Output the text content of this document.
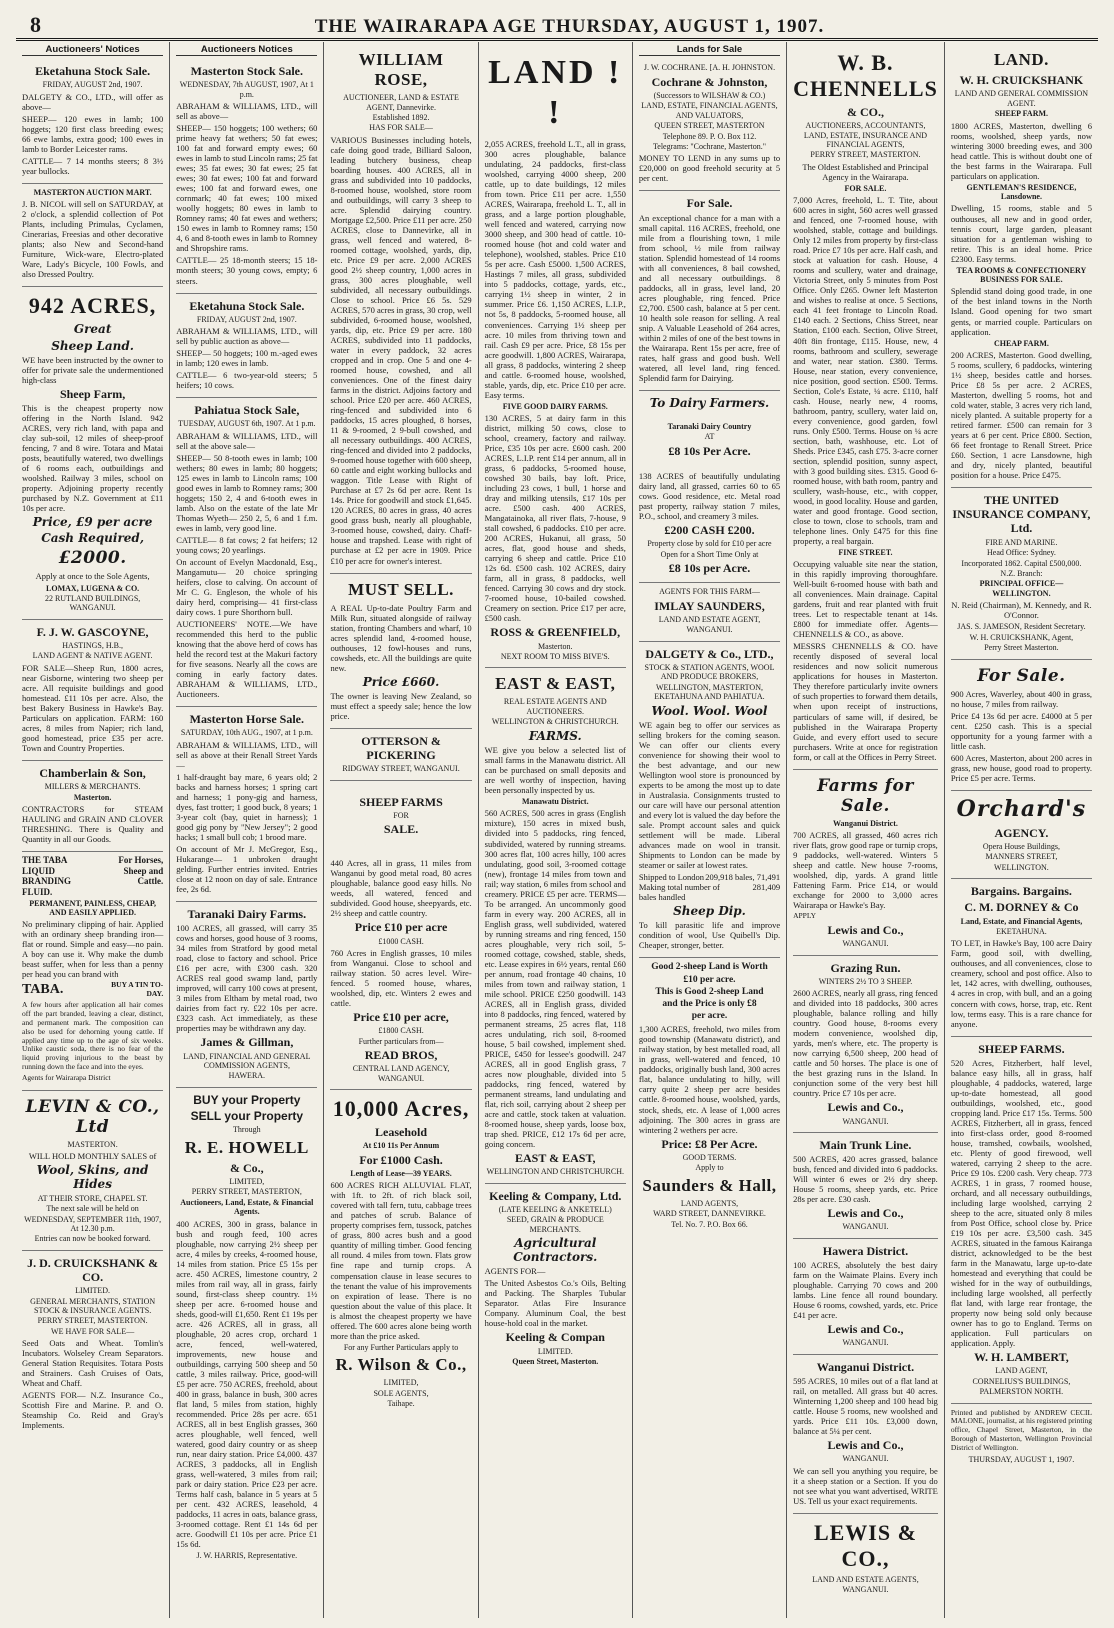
8	THE WAIRARAPA AGE THURSDAY, AUGUST 1, 1907.
Auctioneers' Notices
Eketahuna Stock Sale.
FRIDAY, AUGUST 2nd, 1907.

DALGETY & CO., LTD., will offer as above—

SHEEP— 120 ewes in lamb; 100 hoggets; 120 first class breeding ewes; 66 ewe lambs, extra good; 100 ewes in lamb to Border Leicester rams.

CATTLE— 7 14 months steers; 8 3½ year bullocks.

MASTERTON AUCTION MART.

J. B. NICOL will sell on SATURDAY, at 2 o'clock, a splendid collection of Pot Plants, including Primulas, Cyclamen, Cinerarias, Freesias and other decorative plants; also New and Second-hand Furniture, Wick-ware, Electro-plated Ware, Lady's Bicycle, 100 Fowls, and also Dressed Poultry.

942 ACRES,
Great
Sheep Land.

WE have been instructed by the owner to offer for private sale the undermentioned high-class

Sheep Farm,

This is the cheapest property now offering in the North Island. 942 ACRES, very rich land, with papa and clay sub-soil, 12 miles of sheep-proof fencing, 7 and 8 wire. Totara and Matai posts, beautifully watered, two dwellings of 6 rooms each, outbuildings and woolshed. Railway 3 miles, school on property. Adjoining property recently purchased by N.Z. Government at £11 10s per acre.

Price, £9 per acre
Cash Required,
£2000.

Apply at once to the Sole Agents,

LOMAX, LUGENA & CO.
22 RUTLAND BUILDINGS, WANGANUI.
F. J. W. GASCOYNE,
HASTINGS, H.B.,
LAND AGENT & NATIVE AGENT.

FOR SALE—Sheep Run, 1800 acres, near Gisborne, wintering two sheep per acre. All requisite buildings and good homestead. £11 10s per acre. Also, the best Bakery Business in Hawke's Bay. Particulars on application. FARM: 160 acres, 8 miles from Napier; rich land, good homestead, price £35 per acre. Town and Country Properties.

Chamberlain & Son,
MILLERS & MERCHANTS.
Masterton.

CONTRACTORS for STEAM HAULING and GRAIN AND CLOVER THRESHING. There is Quality and Quantity in all our Goods.

THE TABA LIQUID BRANDING FLUID.
For Horses, Sheep and Cattle.
PERMANENT, PAINLESS, CHEAP, AND EASILY APPLIED.

No preliminary clipping of hair. Applied with an ordinary sheep branding iron—flat or round. Simple and easy—no pain. A boy can use it. Why make the dumb beast suffer, when for less than a penny per head you can brand with

TABA.	BUY A TIN TO-DAY.

A few hours after application all hair comes off the part branded, leaving a clear, distinct, and permanent mark. The composition can also be used for dehorning young cattle. If applied any time up to the age of six weeks. Unlike caustic soda, there is no fear of the liquid proving injurious to the beast by running down the face and into the eyes.

Agents for Wairarapa District

LEVIN & CO., Ltd
MASTERTON.

WILL HOLD MONTHLY SALES of

Wool, Skins, and Hides
AT THEIR STORE, CHAPEL ST.
The next sale will be held on
WEDNESDAY, SEPTEMBER 11th, 1907, At 12.30 p.m.
Entries can now be booked forward.
J. D. CRUICKSHANK & CO.
LIMITED.
GENERAL MERCHANTS, STATION STOCK & INSURANCE AGENTS.
PERRY STREET, MASTERTON.
WE HAVE FOR SALE—

Seed Oats and Wheat. Tomlin's Incubators. Wolseley Cream Separators. General Station Requisites. Totara Posts and Strainers. Cash Cruises of Oats, Wheat and Chaff.

AGENTS FOR— N.Z. Insurance Co., Scottish Fire and Marine. P. and O. Steamship Co. Reid and Gray's Implements.

Auctioneers Notices
Masterton Stock Sale.
WEDNESDAY, 7th AUGUST, 1907, At 1 p.m.

ABRAHAM & WILLIAMS, LTD., will sell as above—

SHEEP— 150 hoggets; 100 wethers; 60 prime heavy fat wethers; 50 fat ewes; 100 fat and forward empty ewes; 60 ewes in lamb to stud Lincoln rams; 25 fat ewes; 35 fat ewes; 30 fat ewes; 25 fat ewes; 30 fat ewes; 100 fat and forward ewes; 100 fat and forward ewes, one cornmark; 40 fat ewes; 100 mixed woolly hoggets; 80 ewes in lamb to Romney rams; 40 fat ewes and wethers; 150 ewes in lamb to Romney rams; 150 4, 6 and 8-tooth ewes in lamb to Romney and Shropshire rams.

CATTLE— 25 18-month steers; 15 18-month steers; 30 young cows, empty; 6 steers.

Eketahuna Stock Sale.
FRIDAY, AUGUST 2nd, 1907.

ABRAHAM & WILLIAMS, LTD., will sell by public auction as above—

SHEEP— 50 hoggets; 100 m.-aged ewes in lamb; 120 ewes in lamb.

CATTLE— 6 two-year-old steers; 5 heifers; 10 cows.

Pahiatua Stock Sale,
TUESDAY, AUGUST 6th, 1907. At 1 p.m.

ABRAHAM & WILLIAMS, LTD., will sell at the above sale—

SHEEP— 50 8-tooth ewes in lamb; 100 wethers; 80 ewes in lamb; 80 hoggets; 125 ewes in lamb to Lincoln rams; 100 good ewes in lamb to Romney rams; 300 hoggets; 150 2, 4 and 6-tooth ewes in lamb. Also on the estate of the late Mr Thomas Wyeth— 250 2, 5, 6 and 1 f.m. ewes in lamb, very good line.

CATTLE— 8 fat cows; 2 fat heifers; 12 young cows; 20 yearlings.

On account of Evelyn Macdonald, Esq., Mangamutu— 20 choice springing heifers, close to calving. On account of Mr C. G. Engleson, the whole of his dairy herd, comprising— 41 first-class dairy cows. 1 pure Shorthorn bull.

AUCTIONEERS' NOTE.—We have recommended this herd to the public knowing that the above herd of cows has held the record test at the Makuri factory for five seasons. Nearly all the cows are coming in early factory dates. ABRAHAM & WILLIAMS, LTD., Auctioneers.

Masterton Horse Sale.
SATURDAY, 10th AUG., 1907, at 1 p.m.

ABRAHAM & WILLIAMS, LTD., will sell as above at their Renall Street Yards—

1 half-draught bay mare, 6 years old; 2 backs and harness horses; 1 spring cart and harness; 1 pony-gig and harness, dyes, fast trotter; 1 good buck, 8 years; 1 3-year colt (bay, quiet in harness); 1 good gig pony by "New Jersey"; 2 good hacks; 1 small bull cob; 1 brood mare.

On account of Mr J. McGregor, Esq., Hukarange— 1 unbroken draught gelding. Further entries invited. Entries close at 12 noon on day of sale. Entrance fee, 2s 6d.

Taranaki Dairy Farms.

100 ACRES, all grassed, will carry 35 cows and horses, good house of 3 rooms, 34 miles from Stratford by good metal road, close to factory and school. Price £16 per acre, with £300 cash. 320 ACRES real good swamp land, partly improved, will carry 100 cows at present, 3 miles from Eltham by metal road, two dairies from fact ry. £22 10s per acre. £323 cash. Act immediately, as these properties may be withdrawn any day.

James & Gillman,
LAND, FINANCIAL AND GENERAL COMMISSION AGENTS,
HAWERA.
BUY your Property
SELL your Property
Through
R. E. HOWELL
& Co.,
LIMITED,
PERRY STREET, MASTERTON,
Auctioneers, Land, Estate, & Financial Agents.

400 ACRES, 300 in grass, balance in bush and rough feed, 100 acres ploughable, now carrying 2½ sheep per acre, 4 miles by creeks, 4-roomed house, 14 miles from station. Price £5 15s per acre. 450 ACRES, limestone country, 2 miles from rail way, all in grass, fairly sound, first-class sheep country. 1½ sheep per acre. 6-roomed house and sheds, good-will £1,650. Rent £1 19s per acre. 426 ACRES, all in grass, all ploughable, 20 acres crop, orchard 1 acre, fenced, well-watered, improvements, new house and outbuildings, carrying 500 sheep and 50 cattle, 3 miles railway. Price, good-will £5 per acre. 750 ACRES, freehold, about 400 in grass, balance in bush, 300 acres flat land, 5 miles from station, highly recommended. Price 28s per acre. 651 ACRES, all in best English grasses, 360 acres ploughable, well fenced, well watered, good dairy country or as sheep run, near dairy station. Price £4,000. 437 ACRES, 3 paddocks, all in English grass, well-watered, 3 miles from rail; park or dairy station. Price £23 per acre. Terms half cash, balance in 5 years at 5 per cent. 432 ACRES, leasehold, 4 paddocks, 11 acres in oats, balance grass, 3-roomed cottage. Rent £1 14s 6d per acre. Goodwill £1 10s per acre. Price £1 15s 6d.

J. W. HARRIS, Representative.
WILLIAM ROSE,
AUCTIONEER, LAND & ESTATE AGENT, Dannevirke.
Established 1892.
HAS FOR SALE—

VARIOUS Businesses including hotels, cafe doing good trade, Billiard Saloon, leading butchery business, cheap boarding houses. 400 ACRES, all in grass and subdivided into 10 paddocks, 8-roomed house, woolshed, store room and outbuildings, will carry 3 sheep to acre. Splendid dairying country. Mortgage £2,500. Price £11 per acre. 250 ACRES, close to Dannevirke, all in grass, well fenced and watered, 8-roomed cottage, woolshed, yards, dip, etc. Price £9 per acre. 2,000 ACRES good 2½ sheep country, 1,000 acres in grass, 300 acres ploughable, well subdivided, all necessary outbuildings. Close to school. Price £6 5s. 529 ACRES, 570 acres in grass, 30 crop, well subdivided, 6-roomed house, woolshed, yards, dip, etc. Price £9 per acre. 180 ACRES, subdivided into 11 paddocks, water in every paddock, 32 acres cropped and in crop. One 5 and one 4-roomed house, cowshed, and all conveniences. One of the finest dairy farms in the district. Adjoins factory and school. Price £20 per acre. 460 ACRES, ring-fenced and subdivided into 6 paddocks, 15 acres ploughed, 8 horses, 11 & 9-roomed, 2 9-bull cowshed, and all necessary outbuildings. 400 ACRES, ring-fenced and divided into 2 paddocks, 9-roomed house together with 600 sheep, 60 cattle and eight working bullocks and waggon. Title Lease with Right of Purchase at £7 2s 6d per acre. Rent 1s 14s. Price for goodwill and stock £1,645. 120 ACRES, 80 acres in grass, 40 acres good grass bush, nearly all ploughable, 3-roomed house, cowshed, dairy. Chaff-house and trapshed. Lease with right of purchase at £2 per acre in 1909. Price £10 per acre for owner's interest.

MUST SELL.

A REAL Up-to-date Poultry Farm and Milk Run, situated alongside of railway station, fronting Chambers and wharf, 10 acres splendid land, 4-roomed house, outhouses, 12 fowl-houses and runs, cowsheds, etc. All the buildings are quite new.

Price £660.

The owner is leaving New Zealand, so must effect a speedy sale; hence the low price.

OTTERSON & PICKERING
RIDGWAY STREET, WANGANUI.
SHEEP FARMS
FOR
SALE.

440 Acres, all in grass, 11 miles from Wanganui by good metal road, 80 acres ploughable, balance good easy hills. No weeds, all watered, fenced and subdivided. Good house, sheepyards, etc. 2½ sheep and cattle country.

Price £10 per acre
£1000 CASH.

760 Acres in English grasses, 10 miles from Wanganui. Close to school and railway station. 50 acres level. Wire-fenced. 5 roomed house, whares, woolshed, dip, etc. Winters 2 ewes and cattle.

Price £10 per acre,
£1800 CASH.
Further particulars from—
READ BROS,
CENTRAL LAND AGENCY, WANGANUI.
10,000 Acres,
Leasehold
At £10 11s Per Annum
For £1000 Cash.
Length of Lease—39 YEARS.

600 ACRES RICH ALLUVIAL FLAT, with 1ft. to 2ft. of rich black soil, covered with tall fern, tutu, cabbage trees and patches of scrub. Balance of property comprises fern, tussock, patches of grass, 800 acres bush and a good quantity of milling timber. Good fencing all round. 4 miles from town. Flats grow fine rape and turnip crops. A compensation clause in lease secures to the tenant the value of his improvements on expiration of lease. There is no question about the value of this place. It is almost the cheapest property we have offered. The 600 acres alone being worth more than the price asked.

For any Further Particulars apply to
R. Wilson & Co.,
LIMITED,
SOLE AGENTS,
Taihape.
LAND ! !

2,055 ACRES, freehold L.T., all in grass, 300 acres ploughable, balance undulating, 24 paddocks, first-class woolshed, carrying 4000 sheep, 200 cattle, up to date buildings, 12 miles from town. Price £11 per acre. 1,550 ACRES, Wairarapa, freehold L. T., all in grass, and a large portion ploughable, well fenced and watered, carrying now 3000 sheep, and 300 head of cattle. 10-roomed house (hot and cold water and telephone), woolshed, stables. Price £10 5s per acre. Cash £5000. 1,500 ACRES, Hastings 7 miles, all grass, subdivided into 5 paddocks, cottage, yards, etc., carrying 1½ sheep in winter, 2 in summer. Price £6. 1,150 ACRES, L.I.P., not 5s, 8 paddocks, 5-roomed house, all conveniences. Carrying 1½ sheep per acre. 10 miles from thriving town and rail. Cash £9 per acre. Price, £8 15s per acre goodwill. 1,800 ACRES, Wairarapa, all grass, 8 paddocks, wintering 2 sheep and cattle. 6-roomed house, woolshed, stable, yards, dip, etc. Price £10 per acre. Easy terms.

FIVE GOOD DAIRY FARMS.

130 ACRES, 5 at dairy farm in this district, milking 50 cows, close to school, creamery, factory and railway. Price, £35 10s per acre. £600 cash. 200 ACRES, L.I.P. rent £14 per annum, all in grass, 6 paddocks, 5-roomed house, cowshed 30 bails, bay loft. Price, including 23 cows, 1 bull, 1 horse and dray and milking utensils, £17 10s per acre. £500 cash. 400 ACRES, Mangatainoka, all river flats, 7-house, 9 stall cowshed, 6 paddocks. £10 per acre. 200 ACRES, Hukanui, all grass, 50 acres, flat, good house and sheds, carrying 6 sheep and cattle. Price £10 12s 6d. £500 cash. 102 ACRES, dairy farm, all in grass, 8 paddocks, well fenced. Carrying 30 cows and dry stock. 7-roomed house, 10-bailed cowshed. Creamery on section. Price £17 per acre, £500 cash.

ROSS & GREENFIELD,
Masterton.
NEXT ROOM TO MISS BIVE'S.
EAST & EAST,
REAL ESTATE AGENTS AND AUCTIONEERS.
WELLINGTON & CHRISTCHURCH.
FARMS.

WE give you below a selected list of small farms in the Manawatu district. All can be purchased on small deposits and are well worthy of inspection, having been personally inspected by us.

Manawatu District.

560 ACRES, 500 acres in grass (English mixture), 150 acres in mixed bush, divided into 5 paddocks, ring fenced, subdivided, watered by running streams. 300 acres flat, 100 acres hilly, 100 acres undulating, good soil, 3-roomed cottage (new), frontage 14 miles from town and rail; way station, 6 miles from school and creamery. PRICE £5 per acre. TERMS—To be arranged. An uncommonly good farm in every way. 200 ACRES, all in English grass, well subdivided, watered by running streams and ring fenced, 150 acres ploughable, very rich soil, 5-roomed cottage, cowshed, stable, sheds, etc. Lease expires in 6½ years, rental £60 per annum, road frontage 40 chains, 10 miles from town and railway station, 1 mile school. PRICE £250 goodwill. 143 ACRES, all in English grass, divided into 8 paddocks, ring fenced, watered by permanent streams, 25 acres flat, 118 acres undulating, rich soil, 8-roomed house, 5 bail cowshed, implement shed. PRICE, £450 for lessee's goodwill. 247 ACRES, all in good English grass, 7 acres now ploughable, divided into 5 paddocks, ring fenced, watered by permanent streams, land undulating and flat, rich soil, carrying about 2 sheep per acre and cattle, stock taken at valuation. 8-roomed house, sheep yards, loose box, trap shed. PRICE, £12 17s 6d per acre, going concern.

EAST & EAST,
WELLINGTON AND CHRISTCHURCH.
Keeling & Company, Ltd.
(LATE KEELING & ANKETELL)
SEED, GRAIN & PRODUCE MERCHANTS.
Agricultural Contractors.

AGENTS FOR—

The United Asbestos Co.'s Oils, Belting and Packing. The Sharples Tubular Separator. Atlas Fire Insurance Company. Aluminum Coal, the best house-hold coal in the market.

Keeling & Compan
LIMITED.
Queen Street, Masterton.
Lands for Sale
J. W. COCHRANE. [A. H. JOHNSTON.
Cochrane & Johnston,
(Successors to WILSHAW & CO.)
LAND, ESTATE, FINANCIAL AGENTS, AND VALUATORS,
QUEEN STREET, MASTERTON
Telephone 89. P. O. Box 112.
Telegrams: "Cochrane, Masterton."

MONEY TO LEND in any sums up to £20,000 on good freehold security at 5 per cent.

For Sale.

An exceptional chance for a man with a small capital. 116 ACRES, freehold, one mile from a flourishing town, 1 mile from school, ½ mile from railway station. Splendid homestead of 14 rooms with all conveniences, 8 bail cowshed, and all necessary outbuildings. 8 paddocks, all in grass, level land, 20 acres ploughable, ring fenced. Price £2,700. £500 cash, balance at 5 per cent. 10 health sole reason for selling. A real snip. A Valuable Leasehold of 264 acres, within 2 miles of one of the best towns in the Wairarapa. Rent 15s per acre, free of rates, half grass and good bush. Well watered, all level land, ring fenced. Splendid farm for Dairying.

To Dairy Farmers.
Taranaki Dairy Country
AT
£8 10s Per Acre.

138 ACRES of beautifully undulating dairy land, all grassed, carries 60 to 65 cows. Good residence, etc. Metal road past property, railway station 7 miles, P.O., school, and creamery 3 miles.

£200 CASH £200.
Property close by sold for £10 per acre
Open for a Short Time Only at
£8 10s per Acre.
AGENTS FOR THIS FARM—
IMLAY SAUNDERS,
LAND AND ESTATE AGENT,
WANGANUI.
DALGETY & Co., LTD.,
STOCK & STATION AGENTS, WOOL AND PRODUCE BROKERS,
WELLINGTON, MASTERTON, EKETAHUNA AND PAHIATUA.
Wool. Wool. Wool

WE again beg to offer our services as selling brokers for the coming season. We can offer our clients every convenience for showing their wool to the best advantage, and our new Wellington wool store is pronounced by experts to be among the most up to date in Australasia. Consignments trusted to our care will have our personal attention and every lot is valued the day before the sale. Prompt account sales and quick settlement will be made. Liberal advances made on wool in transit. Shipments to London can be made by steamer or sailer at lowest rates.

Shipped to London 209,918 bales, 71,491
Making total number of bales handled
281,409
Sheep Dip.

To kill parasitic life and improve condition of wool, Use Quibell's Dip. Cheaper, stronger, better.

Good 2-sheep Land is Worth
£10 per acre.
This is Good 2-sheep Land
and the Price is only £8
per acre.

1,300 ACRES, freehold, two miles from good township (Manawatu district), and railway station, by best metalled road, all in grass, well-watered and fenced, 10 paddocks, originally bush land, 300 acres flat, balance undulating to hilly, will carry quite 2 sheep per acre besides cattle. 8-roomed house, woolshed, yards, stock, sheds, etc. A lease of 1,000 acres adjoining. The 300 acres in grass are wintering 2 wethers per acre.

Price: £8 Per Acre.
GOOD TERMS.
Apply to
Saunders & Hall,
LAND AGENTS,
WARD STREET, DANNEVIRKE.
Tel. No. 7. P.O. Box 66.
W. B. CHENNELLS
& CO.,
AUCTIONEERS, ACCOUNTANTS, LAND, ESTATE, INSURANCE AND FINANCIAL AGENTS,
PERRY STREET, MASTERTON.

The Oldest Established and Principal Agency in the Wairarapa.

FOR SALE.

7,000 Acres, freehold, L. T. Tite, about 600 acres in sight, 560 acres well grassed and fenced, one 7-roomed house, with woolshed, stable, cottage and buildings. Only 12 miles from property by first-class road. Price £7 10s per acre. Half cash, and stock at valuation for cash. House, 4 rooms and scullery, water and drainage, Victoria Street, only 5 minutes from Post Office. Only £265. Owner left Masterton and wishes to realise at once. 5 Sections, each 41 feet frontage to Lincoln Road. £140 each. 2 Sections, Chiss Street, near Station, £100 each. Section, Olive Street, 40ft 8in frontage, £115. House, new, 4 rooms, bathroom and scullery, sewerage and water, near station. £380. Terms. House, near station, every convenience, nice position, good section. £500. Terms. Section, Cole's Estate, ¼ acre. £110, half cash. House, nearly new, 4 rooms, bathroom, pantry, scullery, water laid on, every convenience, good garden, fowl runs. Only £500. Terms. House on ¼ acre section, bath, washhouse, etc. Lot of Sheds. Price £345, cash £75. 3-acre corner section, splendid position, sunny aspect, with 3 good building sites. £315. Good 6-roomed house, with bath room, pantry and scullery, wash-house, etc., with copper, wood, in good locality. House and garden, water and good frontage. Good section, close to town, close to schools, tram and telephone lines. Only £475 for this fine property, a real bargain.

FINE STREET.

Occupying valuable site near the station, in this rapidly improving thoroughfare. Well-built 6-roomed house with bath and all conveniences. Main drainage. Capital gardens, fruit and rear planted with fruit trees. Let to respectable tenant at 14s. £800 for immediate offer. Agents—CHENNELLS & CO., as above.

MESSRS CHENNELLS & CO. have recently disposed of several local residences and now solicit numerous applications for houses in Masterton. They therefore particularly invite owners of such properties to forward them details, when upon receipt of instructions, particulars of same will, if desired, be published in the Wairarapa Property Guide, and every effort used to secure purchasers. Write at once for registration form, or call at the Offices in Perry Street.

Farms for Sale.
Wanganui District.

700 ACRES, all grassed, 460 acres rich river flats, grow good rape or turnip crops, 9 paddocks, well-watered. Winters 5 sheep and cattle. New house 7-rooms, woolshed, dip, yards. A grand little Fattening Farm. Price £14, or would exchange for 2000 to 3,000 acres Wairarapa or Hawke's Bay.

APPLY
Lewis and Co.,
WANGANUI.
Grazing Run.
WINTERS 2½ TO 3 SHEEP.

2600 ACRES, nearly all grass, ring fenced and divided into 18 paddocks, 300 acres ploughable, balance rolling and hilly country. Good house, 8-rooms every modern convenience, woolshed dip, yards, men's where, etc. The property is now carrying 6,500 sheep, 200 head of cattle and 50 horses. The place is one of the best grazing runs in the Island. In conjunction some of the very best hill country. Price £7 10s per acre.

Lewis and Co.,
WANGANUI.
Main Trunk Line.

500 ACRES, 420 acres grassed, balance bush, fenced and divided into 6 paddocks. Will winter 6 ewes or 2½ dry sheep. House 5 rooms, sheep yards, etc. Price 28s per acre. £30 cash.

Lewis and Co.,
WANGANUI.
Hawera District.

100 ACRES, absolutely the best dairy farm on the Waimate Plains. Every inch ploughable. Carrying 70 cows and 200 lambs. Line fence all round boundary. House 6 rooms, cowshed, yards, etc. Price £41 per acre.

Lewis and Co.,
WANGANUI.
Wanganui District.

595 ACRES, 10 miles out of a flat land at rail, on metalled. All grass but 40 acres. Winterning 1,200 sheep and 100 head big cattle. House 5 rooms, new woolshed and yards. Price £11 10s. £3,000 down, balance at 5¼ per cent.

Lewis and Co.,
WANGANUI.

We can sell you anything you require, be it a sheep station or a Section. If you do not see what you want advertised, WRITE US. Tell us your exact requirements.

LEWIS & CO.,
LAND AND ESTATE AGENTS,
WANGANUI.
LAND.
W. H. CRUICKSHANK
LAND AND GENERAL COMMISSION AGENT.
SHEEP FARM.

1800 ACRES, Masterton, dwelling 6 rooms, woolshed, sheep yards, now wintering 3000 breeding ewes, and 300 head cattle. This is without doubt one of the best farms in the Wairarapa. Full particulars on application.

GENTLEMAN'S RESIDENCE, Lansdowne.

Dwelling, 15 rooms, stable and 5 outhouses, all new and in good order, tennis court, large garden, pleasant situation for a gentleman wishing to retire. This is an ideal home. Price £2300. Easy terms.

TEA ROOMS & CONFECTIONERY BUSINESS FOR SALE.

Splendid stand doing good trade, in one of the best inland towns in the North Island. Good opening for two smart gents, or married couple. Particulars on application.

CHEAP FARM.

200 ACRES, Masterton. Good dwelling, 5 rooms, scullery, 6 paddocks, wintering 1½ sheep, besides cattle and horses. Price £8 5s per acre. 2 ACRES, Masterton, dwelling 5 rooms, hot and cold water, stable, 3 acres very rich land, nicely planted. A suitable property for a retired farmer. £500 can remain for 3 years at 6 per cent. Price £800. Section, 66 feet frontage to Renall Street. Price £60. Section, 1 acre Lansdowne, high and dry, nicely planted, beautiful position for a house. Price £475.

THE UNITED INSURANCE COMPANY, Ltd.
FIRE AND MARINE.
Head Office: Sydney.
Incorporated 1862. Capital £500,000.
N.Z. Branch:
PRINCIPAL OFFICE—WELLINGTON.

N. Reid (Chairman), M. Kennedy, and R. O'Connor.

JAS. S. JAMESON, Resident Secretary.
W. H. CRUICKSHANK, Agent,
Perry Street Masterton.
For Sale.

900 Acres, Waverley, about 400 in grass, no house, 7 miles from railway.

Price £4 13s 6d per acre. £4000 at 5 per cent. £250 cash. This is a special opportunity for a young farmer with a little cash.

600 Acres, Masterton, about 200 acres in grass, new house, good road to property. Price £5 per acre. Terms.

Orchard's
AGENCY.
Opera House Buildings,
MANNERS STREET,
WELLINGTON.
Bargains. Bargains.
C. M. DORNEY & Co
Land, Estate, and Financial Agents,
EKETAHUNA.

TO LET, in Hawke's Bay, 100 acre Dairy Farm, good soil, with dwelling, outhouses, and all conveniences, close to creamery, school and post office. Also to let, 142 acres, with dwelling, outhouses, 4 acres in crop, with bull, and an a going concern with cows, horse, trap, etc. Rent low, terms easy. This is a rare chance for anyone.

SHEEP FARMS.

520 Acres, Fitzherbert, half level, balance easy hills, all in grass, half ploughable, 4 paddocks, watered, large up-to-date homestead, all good outbuildings, woolshed, etc., good cropping land. Price £17 15s. Terms. 500 ACRES, Fitzherbert, all in grass, fenced into first-class order, good 8-roomed house, tramshed, cowbails, woolshed, etc. Plenty of good firewood, well watered, carrying 2 sheep to the acre. Price £9 10s. £200 cash. Very cheap. 773 ACRES, 1 in grass, 7 roomed house, orchard, and all necessary outbuildings, including large woolshed, carrying 2 sheep to the acre, situated only 8 miles from Post Office, school close by. Price £19 10s per acre. £3,500 cash. 345 ACRES, situated in the famous Kairanga district, acknowledged to be the best farm in the Manawatu, large up-to-date homestead and everything that could be wished for in the way of outbuildings, including large woolshed, all perfectly flat land, with large rear frontage, the property now being sold only because owner has to go to England. Terms on application. Full particulars on application. Apply.

W. H. LAMBERT,
LAND AGENT,
CORNELIUS'S BUILDINGS,
PALMERSTON NORTH.

Printed and published by ANDREW CECIL MALONE, journalist, at his registered printing office, Chapel Street, Masterton, in the Borough of Masterton, Wellington Provincial District of Wellington.

THURSDAY, AUGUST 1, 1907.
